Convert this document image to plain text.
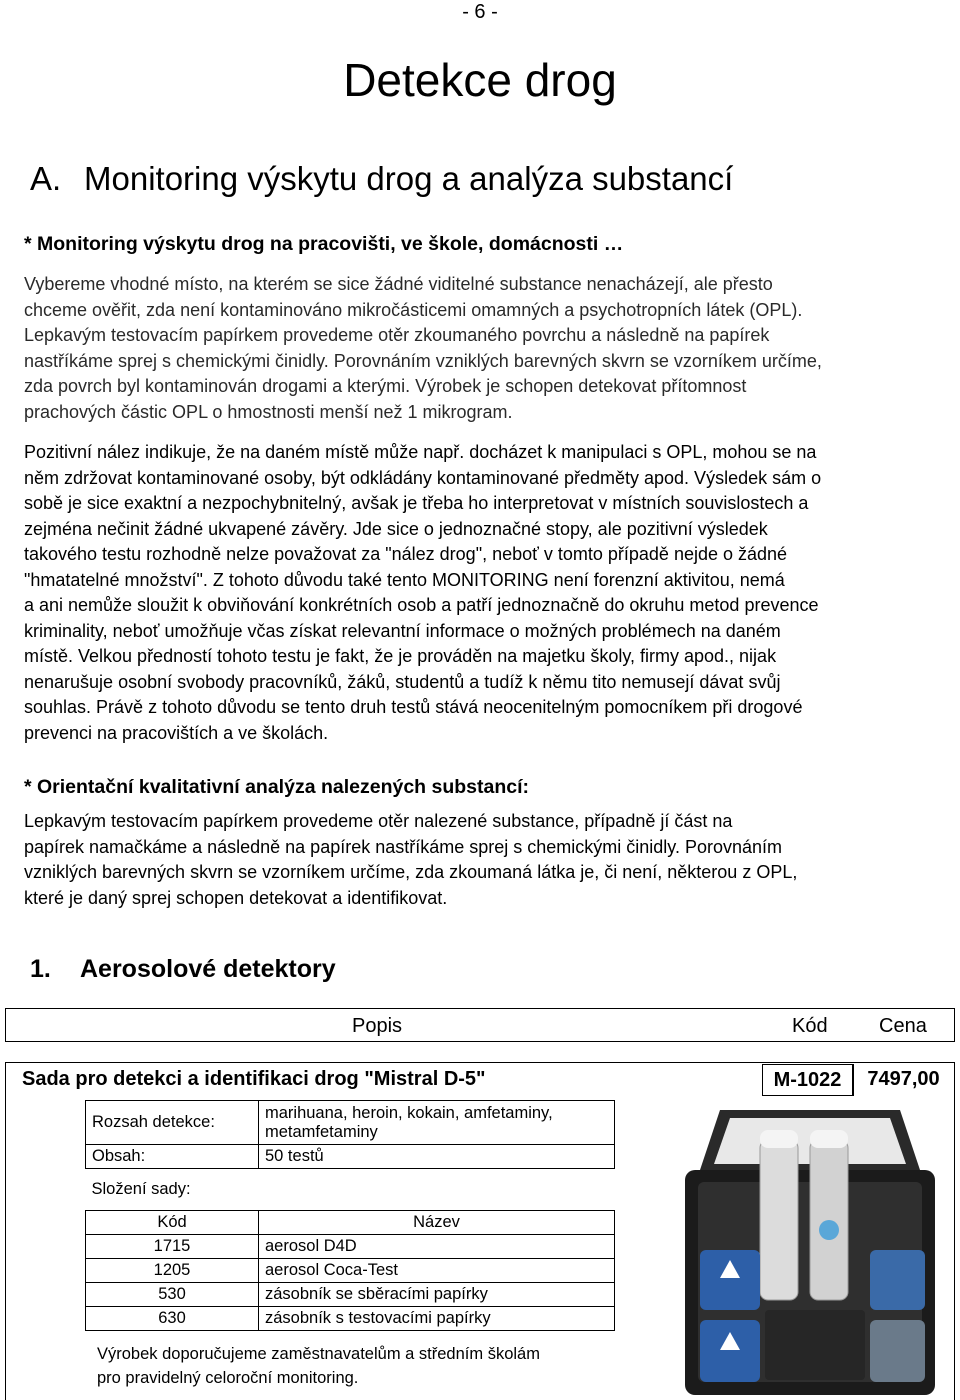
- 6 -
Detekce drog
A. Monitoring výskytu drog a analýza substancí
* Monitoring výskytu drog na pracovišti, ve škole, domácnosti …
Vybereme vhodné místo, na kterém se sice žádné viditelné substance nenacházejí, ale přesto
chceme ověřit, zda není kontaminováno mikročásticemi omamných a psychotropních látek (OPL).
Lepkavým testovacím papírkem provedeme otěr zkoumaného povrchu a následně na papírek
nastříkáme sprej s chemickými činidly. Porovnáním vzniklých barevných skvrn se vzorníkem určíme,
zda povrch byl kontaminován drogami a kterými. Výrobek je schopen detekovat přítomnost
prachových částic OPL o hmostnosti menší než 1 mikrogram.
Pozitivní nález indikuje, že na daném místě může např. docházet k manipulaci s OPL, mohou se na
něm zdržovat kontaminované osoby, být odkládány kontaminované předměty apod. Výsledek sám o
sobě je sice exaktní a nezpochybnitelný, avšak je třeba ho interpretovat v místních souvislostech a
zejména nečinit žádné ukvapené závěry. Jde sice o jednoznačné stopy, ale pozitivní výsledek
takového testu rozhodně nelze považovat za "nález drog", neboť v tomto případě nejde o žádné
"hmatatelné množství". Z tohoto důvodu také tento MONITORING není forenzní aktivitou, nemá
a ani nemůže sloužit k obviňování konkrétních osob a patří jednoznačně do okruhu metod prevence
kriminality, neboť umožňuje včas získat relevantní informace o možných problémech na daném
místě. Velkou předností tohoto testu je fakt, že je prováděn na majetku školy, firmy apod., nijak
nenarušuje osobní svobody pracovníků, žáků, studentů a tudíž k němu tito nemusejí dávat svůj
souhlas. Právě z tohoto důvodu se tento druh testů stává neocenitelným pomocníkem při drogové
prevenci na pracovištích a ve školách.
* Orientační kvalitativní analýza nalezených substancí:
Lepkavým testovacím papírkem provedeme otěr nalezené substance, případně jí část na
papírek namačkáme a následně na papírek nastříkáme sprej s chemickými činidly. Porovnáním
vzniklých barevných skvrn se vzorníkem určíme, zda zkoumaná látka je, či není, některou z OPL,
které je daný sprej schopen detekovat a identifikovat.
1. Aerosolové detektory
Popis	Kód	Cena
Sada pro detekci a identifikaci drog "Mistral D-5"	M-1022	7497,00
Rozsah detekce:	marihuana, heroin, kokain, amfetaminy,
metamfetaminy

Obsah:	50 testů
Složení sady:	
Kód	Název
1715	aerosol D4D
1205	aerosol Coca-Test
530	zásobník se sběracími papírky
630	zásobník s testovacími papírky
Výrobek doporučujeme zaměstnavatelům a středním školám
pro pravidelný celoroční monitoring.
